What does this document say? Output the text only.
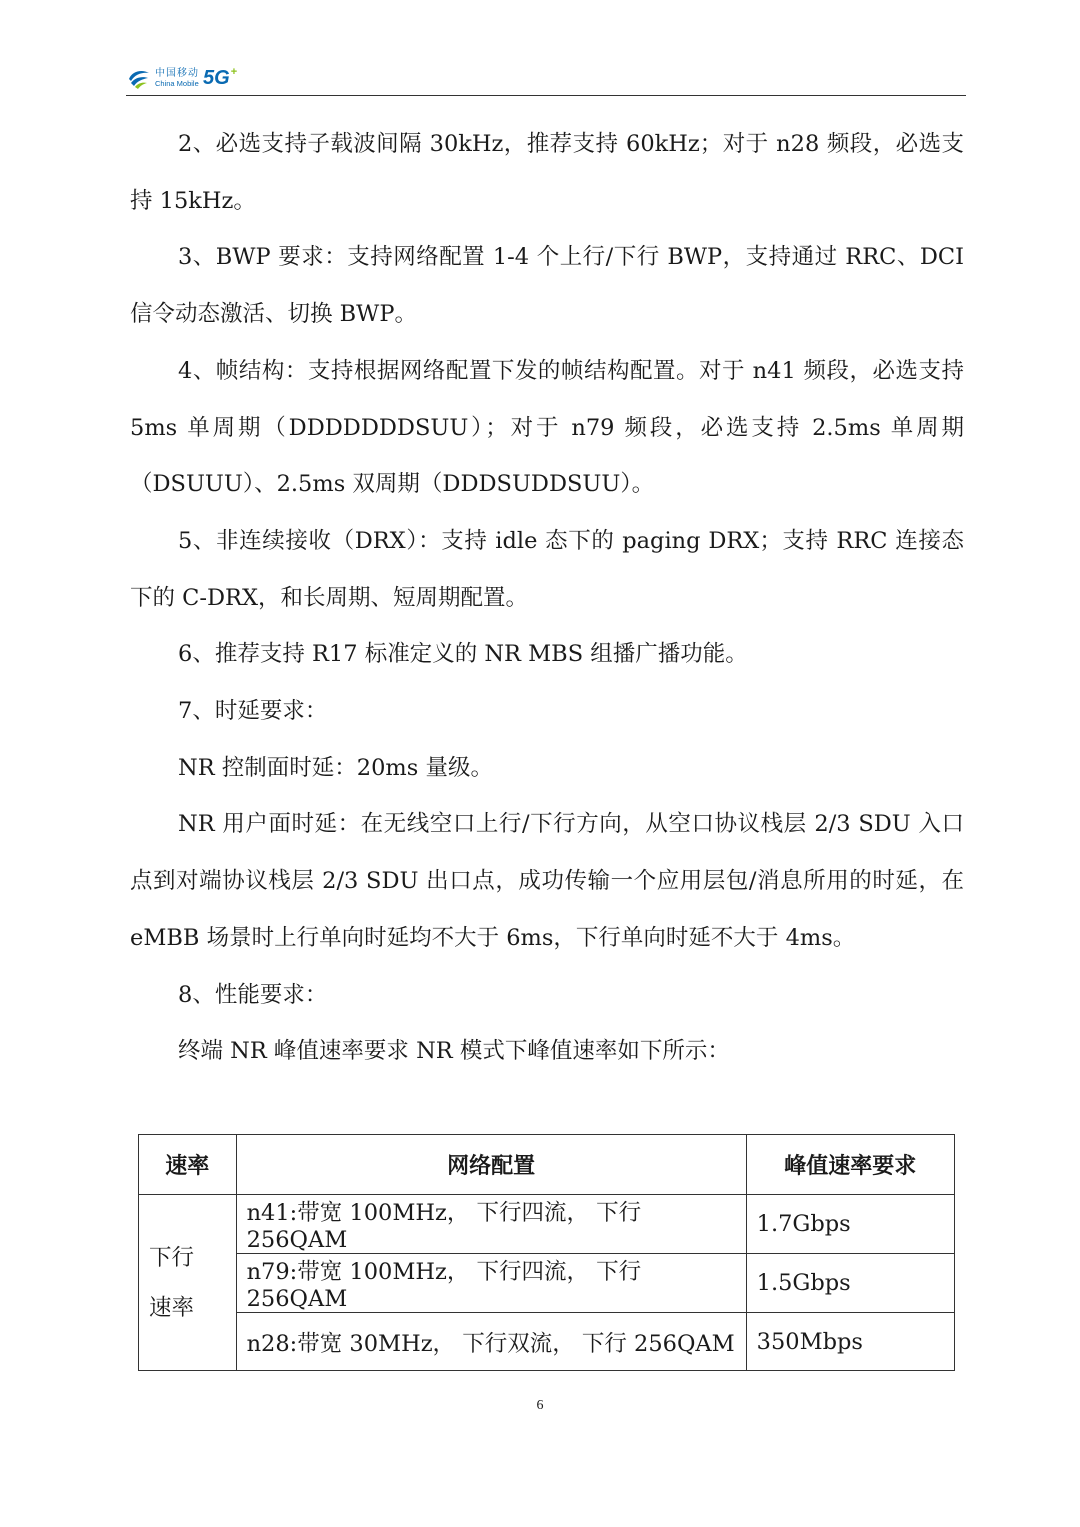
中国移动
China Mobile 5G +

2、必选支持子载波间隔 30kHz，推荐支持 60kHz；对于 n28 频段，必选支持 15kHz。

3、BWP 要求：支持网络配置 1-4 个上行/下行 BWP，支持通过 RRC、DCI 信令动态激活、切换 BWP。

4、帧结构：支持根据网络配置下发的帧结构配置。对于 n41 频段，必选支持 5ms 单周期（DDDDDDDSUU）；对于 n79 频段，必选支持 2.5ms 单周期（DSUUU）、2.5ms 双周期（DDDSUDDSUU）。

5、非连续接收（DRX）：支持 idle 态下的 paging DRX；支持 RRC 连接态下的 C-DRX，和长周期、短周期配置。

6、推荐支持 R17 标准定义的 NR MBS 组播广播功能。

7、时延要求：

NR 控制面时延：20ms 量级。

NR 用户面时延：在无线空口上行/下行方向，从空口协议栈层 2/3 SDU 入口点到对端协议栈层 2/3 SDU 出口点，成功传输一个应用层包/消息所用的时延，在 eMBB 场景时上行单向时延均不大于 6ms，下行单向时延不大于 4ms。

8、性能要求：

终端 NR 峰值速率要求 NR 模式下峰值速率如下所示：

速率	网络配置	峰值速率要求
下行
速率	n41:带宽 100MHz， 下行四流， 下行 256QAM	1.7Gbps
	n79:带宽 100MHz， 下行四流， 下行 256QAM	1.5Gbps
	n28:带宽 30MHz， 下行双流， 下行 256QAM	350Mbps
6
